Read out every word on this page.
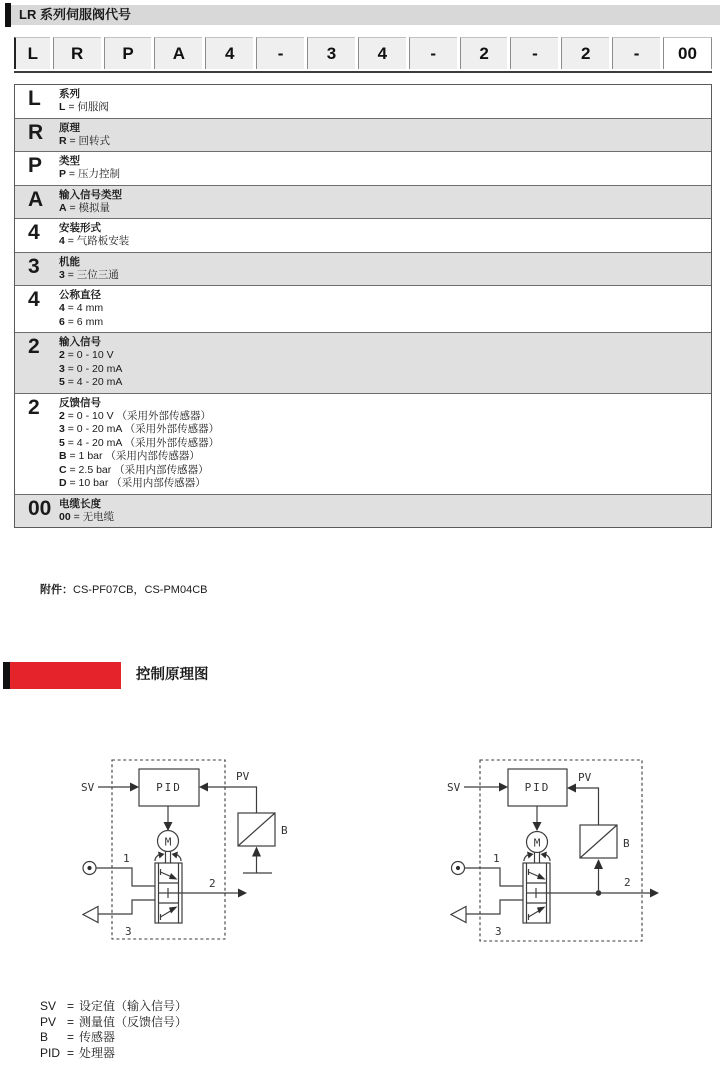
LR 系列伺服阀代号
L	R	P	A	4	-	3	4	-	2	-	2	-	00
L	系列
L = 伺服阀
R	原理
R = 回转式
P	类型
P = 压力控制
A	输入信号类型
A = 模拟量
4	安装形式
4 = 气路板安装
3	机能
3 = 三位三通
4	公称直径
4 = 4 mm
6 = 6 mm
2	输入信号
2 = 0 - 10 V
3 = 0 - 20 mA
5 = 4 - 20 mA
2	反馈信号
2 = 0 - 10 V （采用外部传感器）
3 = 0 - 20 mA （采用外部传感器）
5 = 4 - 20 mA （采用外部传感器）
B = 1 bar （采用内部传感器）
C = 2.5 bar （采用内部传感器）
D = 10 bar （采用内部传感器）
00 电缆长度
00 = 无电缆
附件：CS-PF07CB，CS-PM04CB
控制原理图
PID
SV
PV
B
M
1
3
2
PID
SV
PV
B
M
1
3
2
SV = 设定值（输入信号）
PV = 测量值（反馈信号）
B = 传感器
PID = 处理器
